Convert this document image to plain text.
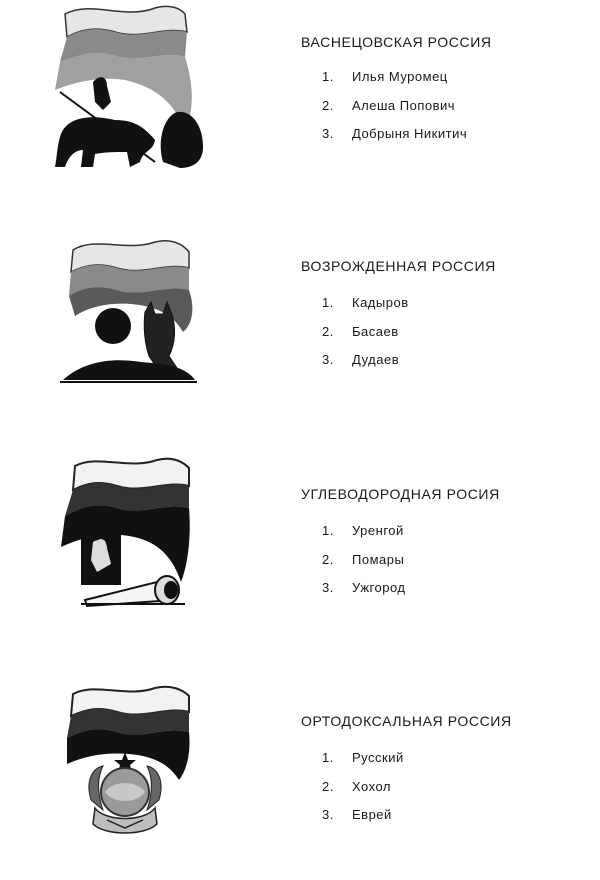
ВАСНЕЦОВСКАЯ РОССИЯ
1.	Илья Муромец
2.	Алеша Попович
3.	Добрыня Никитич
ВОЗРОЖДЕННАЯ РОССИЯ
1.	Кадыров
2.	Басаев
3.	Дудаев
УГЛЕВОДОРОДНАЯ РОСИЯ
1.	Уренгой
2.	Помары
3.	Ужгород
ОРТОДОКСАЛЬНАЯ РОССИЯ
1.	Русский
2.	Хохол
3.	Еврей
